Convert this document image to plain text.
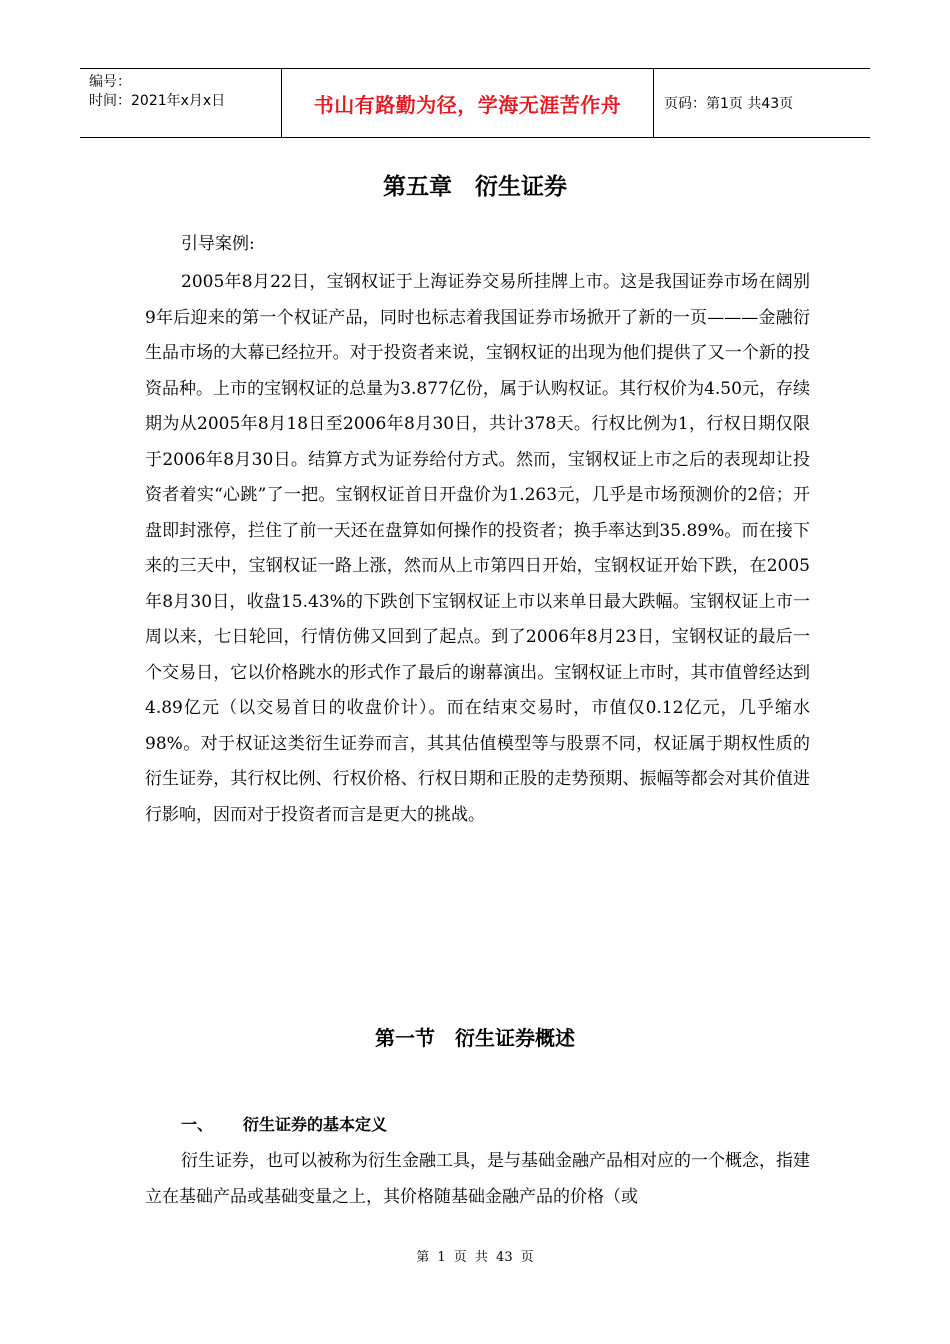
编号：
时间：2021年x月x日	书山有路勤为径，学海无涯苦作舟	页码：第1页 共43页
第五章　衍生证券
引导案例:

2005年8月22日，宝钢权证于上海证券交易所挂牌上市。这是我国证券市场在阔别9年后迎来的第一个权证产品，同时也标志着我国证券市场掀开了新的一页———金融衍生品市场的大幕已经拉开。对于投资者来说，宝钢权证的出现为他们提供了又一个新的投资品种。上市的宝钢权证的总量为3.877亿份，属于认购权证。其行权价为4.50元，存续期为从2005年8月18日至2006年8月30日，共计378天。行权比例为1，行权日期仅限于2006年8月30日。结算方式为证券给付方式。然而，宝钢权证上市之后的表现却让投资者着实“心跳”了一把。宝钢权证首日开盘价为1.263元，几乎是市场预测价的2倍；开盘即封涨停，拦住了前一天还在盘算如何操作的投资者；换手率达到35.89%。而在接下来的三天中，宝钢权证一路上涨，然而从上市第四日开始，宝钢权证开始下跌，在2005年8月30日，收盘15.43%的下跌创下宝钢权证上市以来单日最大跌幅。宝钢权证上市一周以来，七日轮回，行情仿佛又回到了起点。到了2006年8月23日，宝钢权证的最后一个交易日，它以价格跳水的形式作了最后的谢幕演出。宝钢权证上市时，其市值曾经达到4.89亿元（以交易首日的收盘价计）。而在结束交易时，市值仅0.12亿元，几乎缩水98%。对于权证这类衍生证券而言，其其估值模型等与股票不同，权证属于期权性质的衍生证券，其行权比例、行权价格、行权日期和正股的走势预期、振幅等都会对其价值进行影响，因而对于投资者而言是更大的挑战。

第一节　衍生证券概述
一、	衍生证券的基本定义

衍生证券，也可以被称为衍生金融工具，是与基础金融产品相对应的一个概念，指建立在基础产品或基础变量之上，其价格随基础金融产品的价格（或

第 1 页 共 43 页
